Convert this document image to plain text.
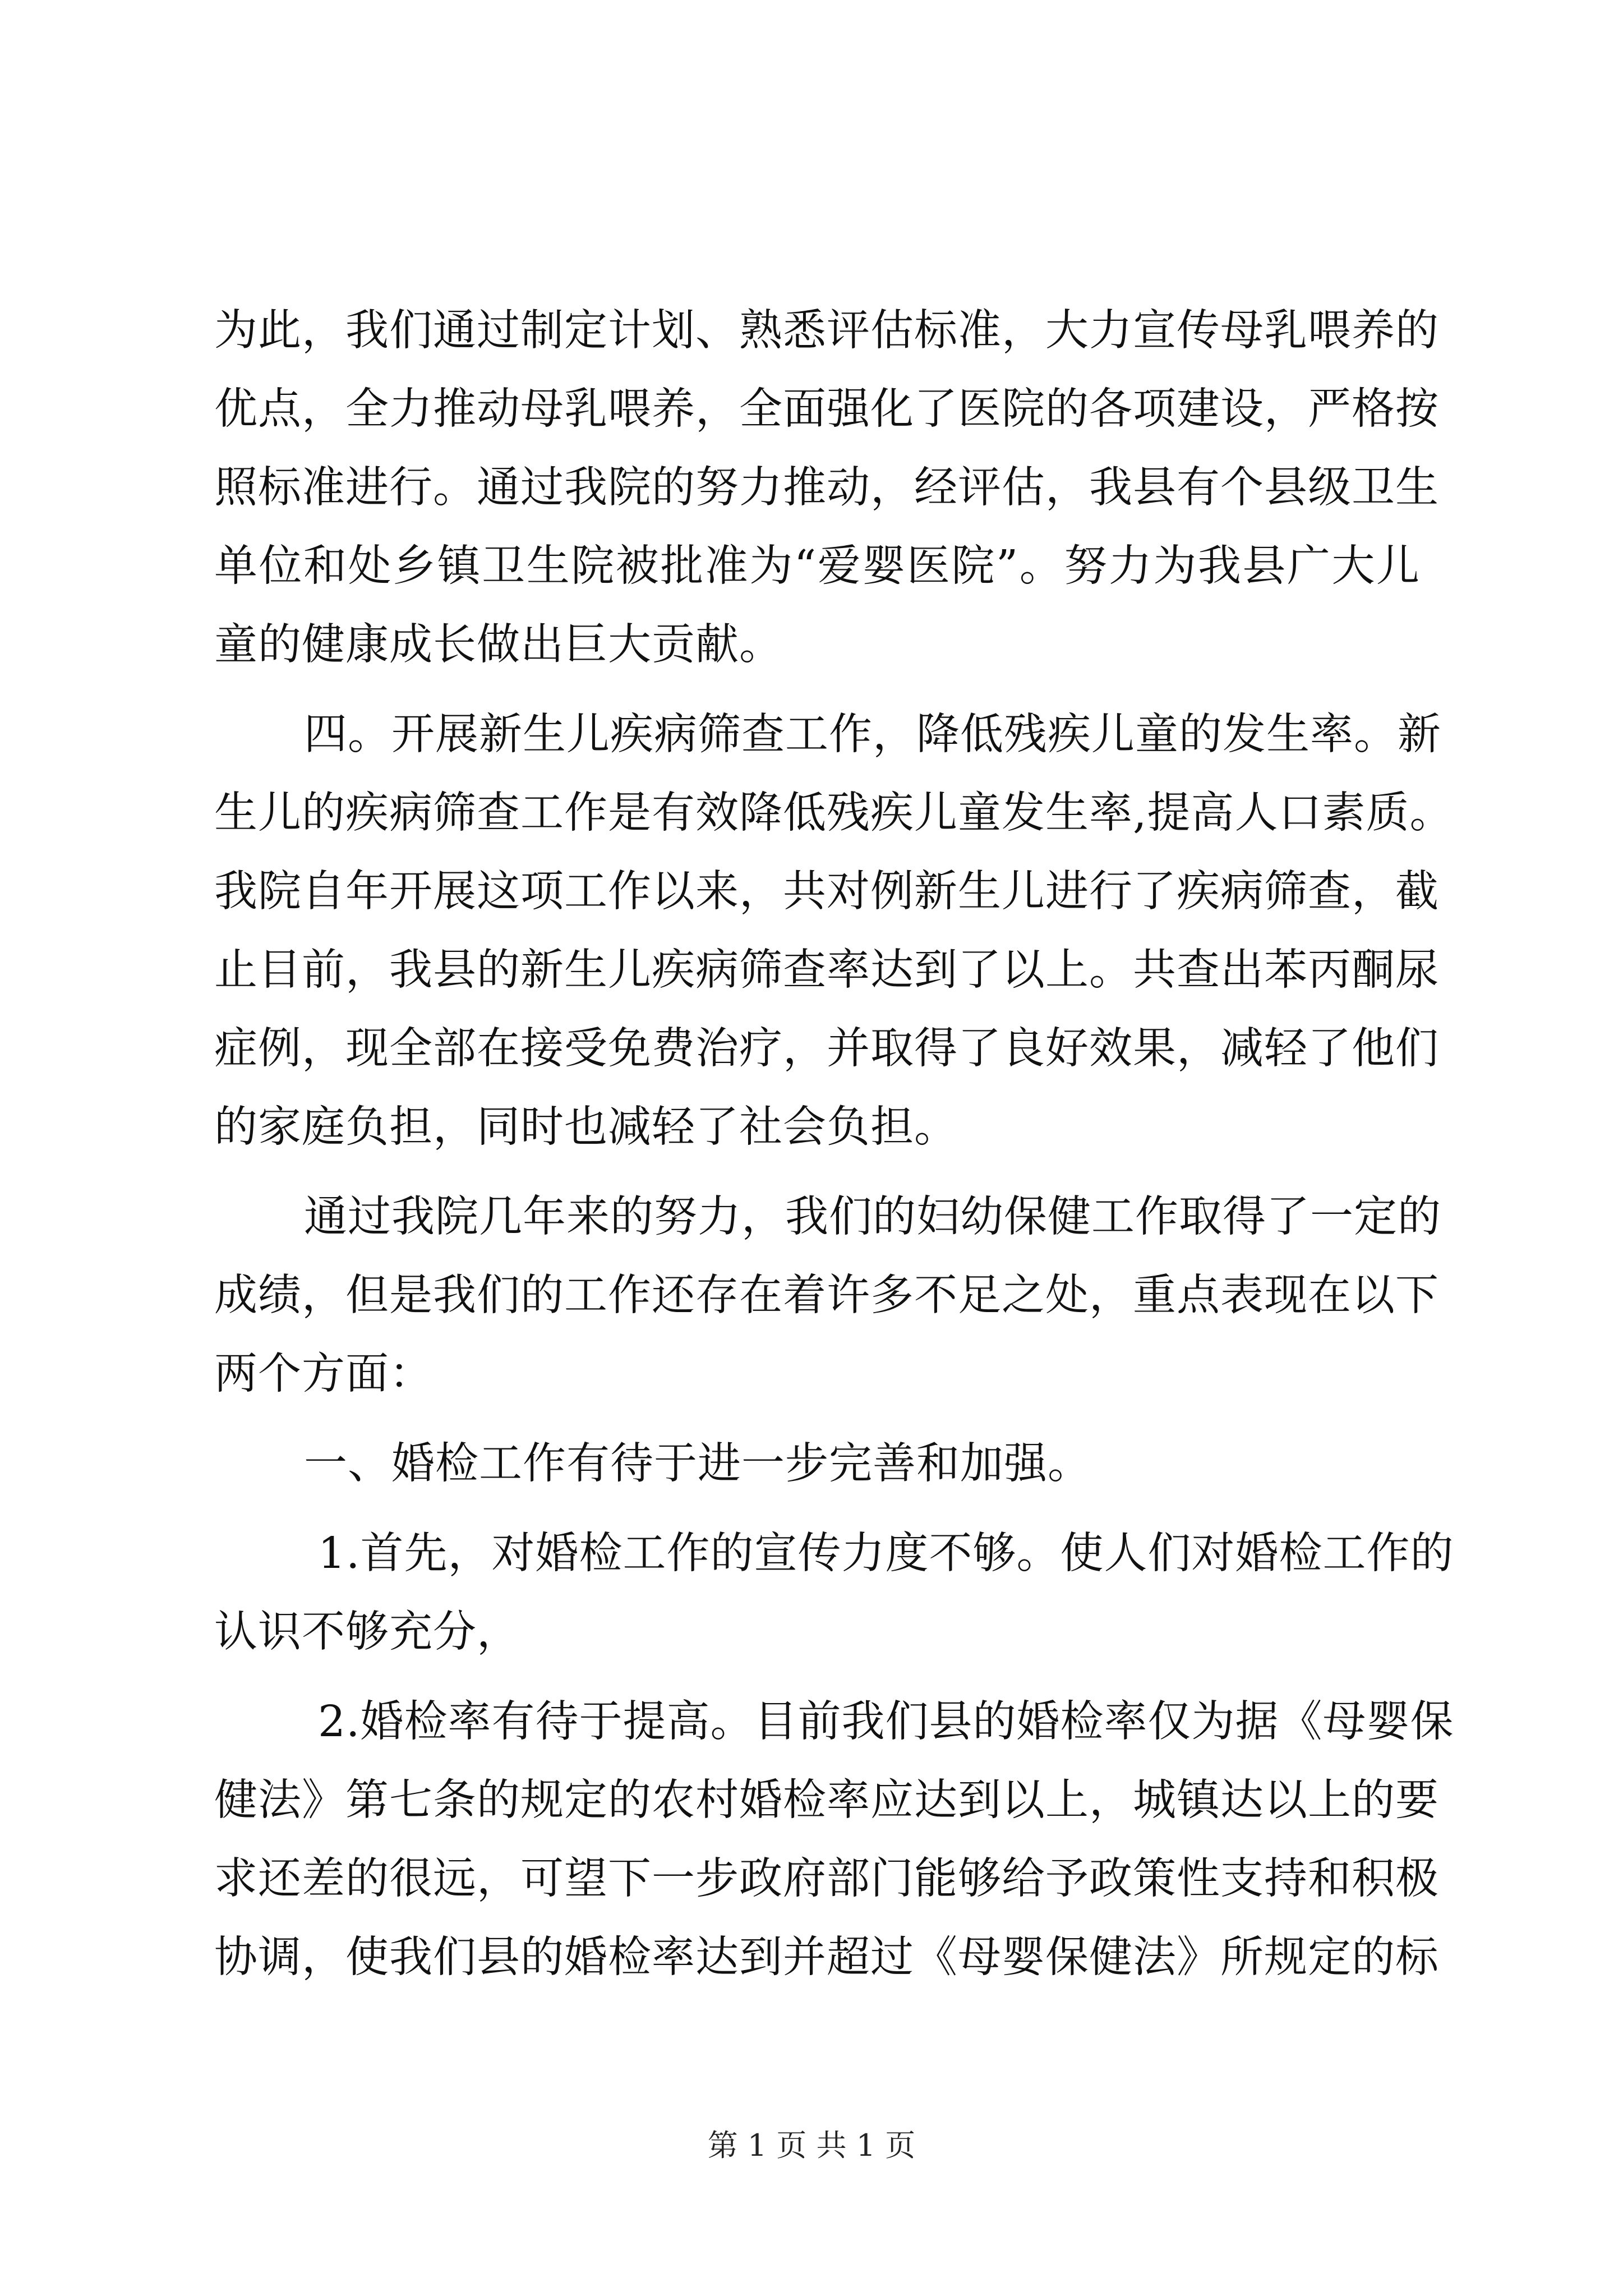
为此，我们通过制定计划、熟悉评估标准，大力宣传母乳喂养的
优点，全力推动母乳喂养，全面强化了医院的各项建设，严格按
照标准进行。通过我院的努力推动，经评估，我县有个县级卫生
单位和处乡镇卫生院被批准为“爱婴医院”。努力为我县广大儿
童的健康成长做出巨大贡献。
四。开展新生儿疾病筛查工作，降低残疾儿童的发生率。新
生儿的疾病筛查工作是有效降低残疾儿童发生率,提高人口素质。
我院自年开展这项工作以来，共对例新生儿进行了疾病筛查，截
止目前，我县的新生儿疾病筛查率达到了以上。共查出苯丙酮尿
症例，现全部在接受免费治疗，并取得了良好效果，减轻了他们
的家庭负担，同时也减轻了社会负担。
通过我院几年来的努力，我们的妇幼保健工作取得了一定的
成绩，但是我们的工作还存在着许多不足之处，重点表现在以下
两个方面：
一、婚检工作有待于进一步完善和加强。
1.首先，对婚检工作的宣传力度不够。使人们对婚检工作的
认识不够充分，
2.婚检率有待于提高。目前我们县的婚检率仅为据《母婴保
健法》第七条的规定的农村婚检率应达到以上，城镇达以上的要
求还差的很远，可望下一步政府部门能够给予政策性支持和积极
协调，使我们县的婚检率达到并超过《母婴保健法》所规定的标
第 1 页 共 1 页
